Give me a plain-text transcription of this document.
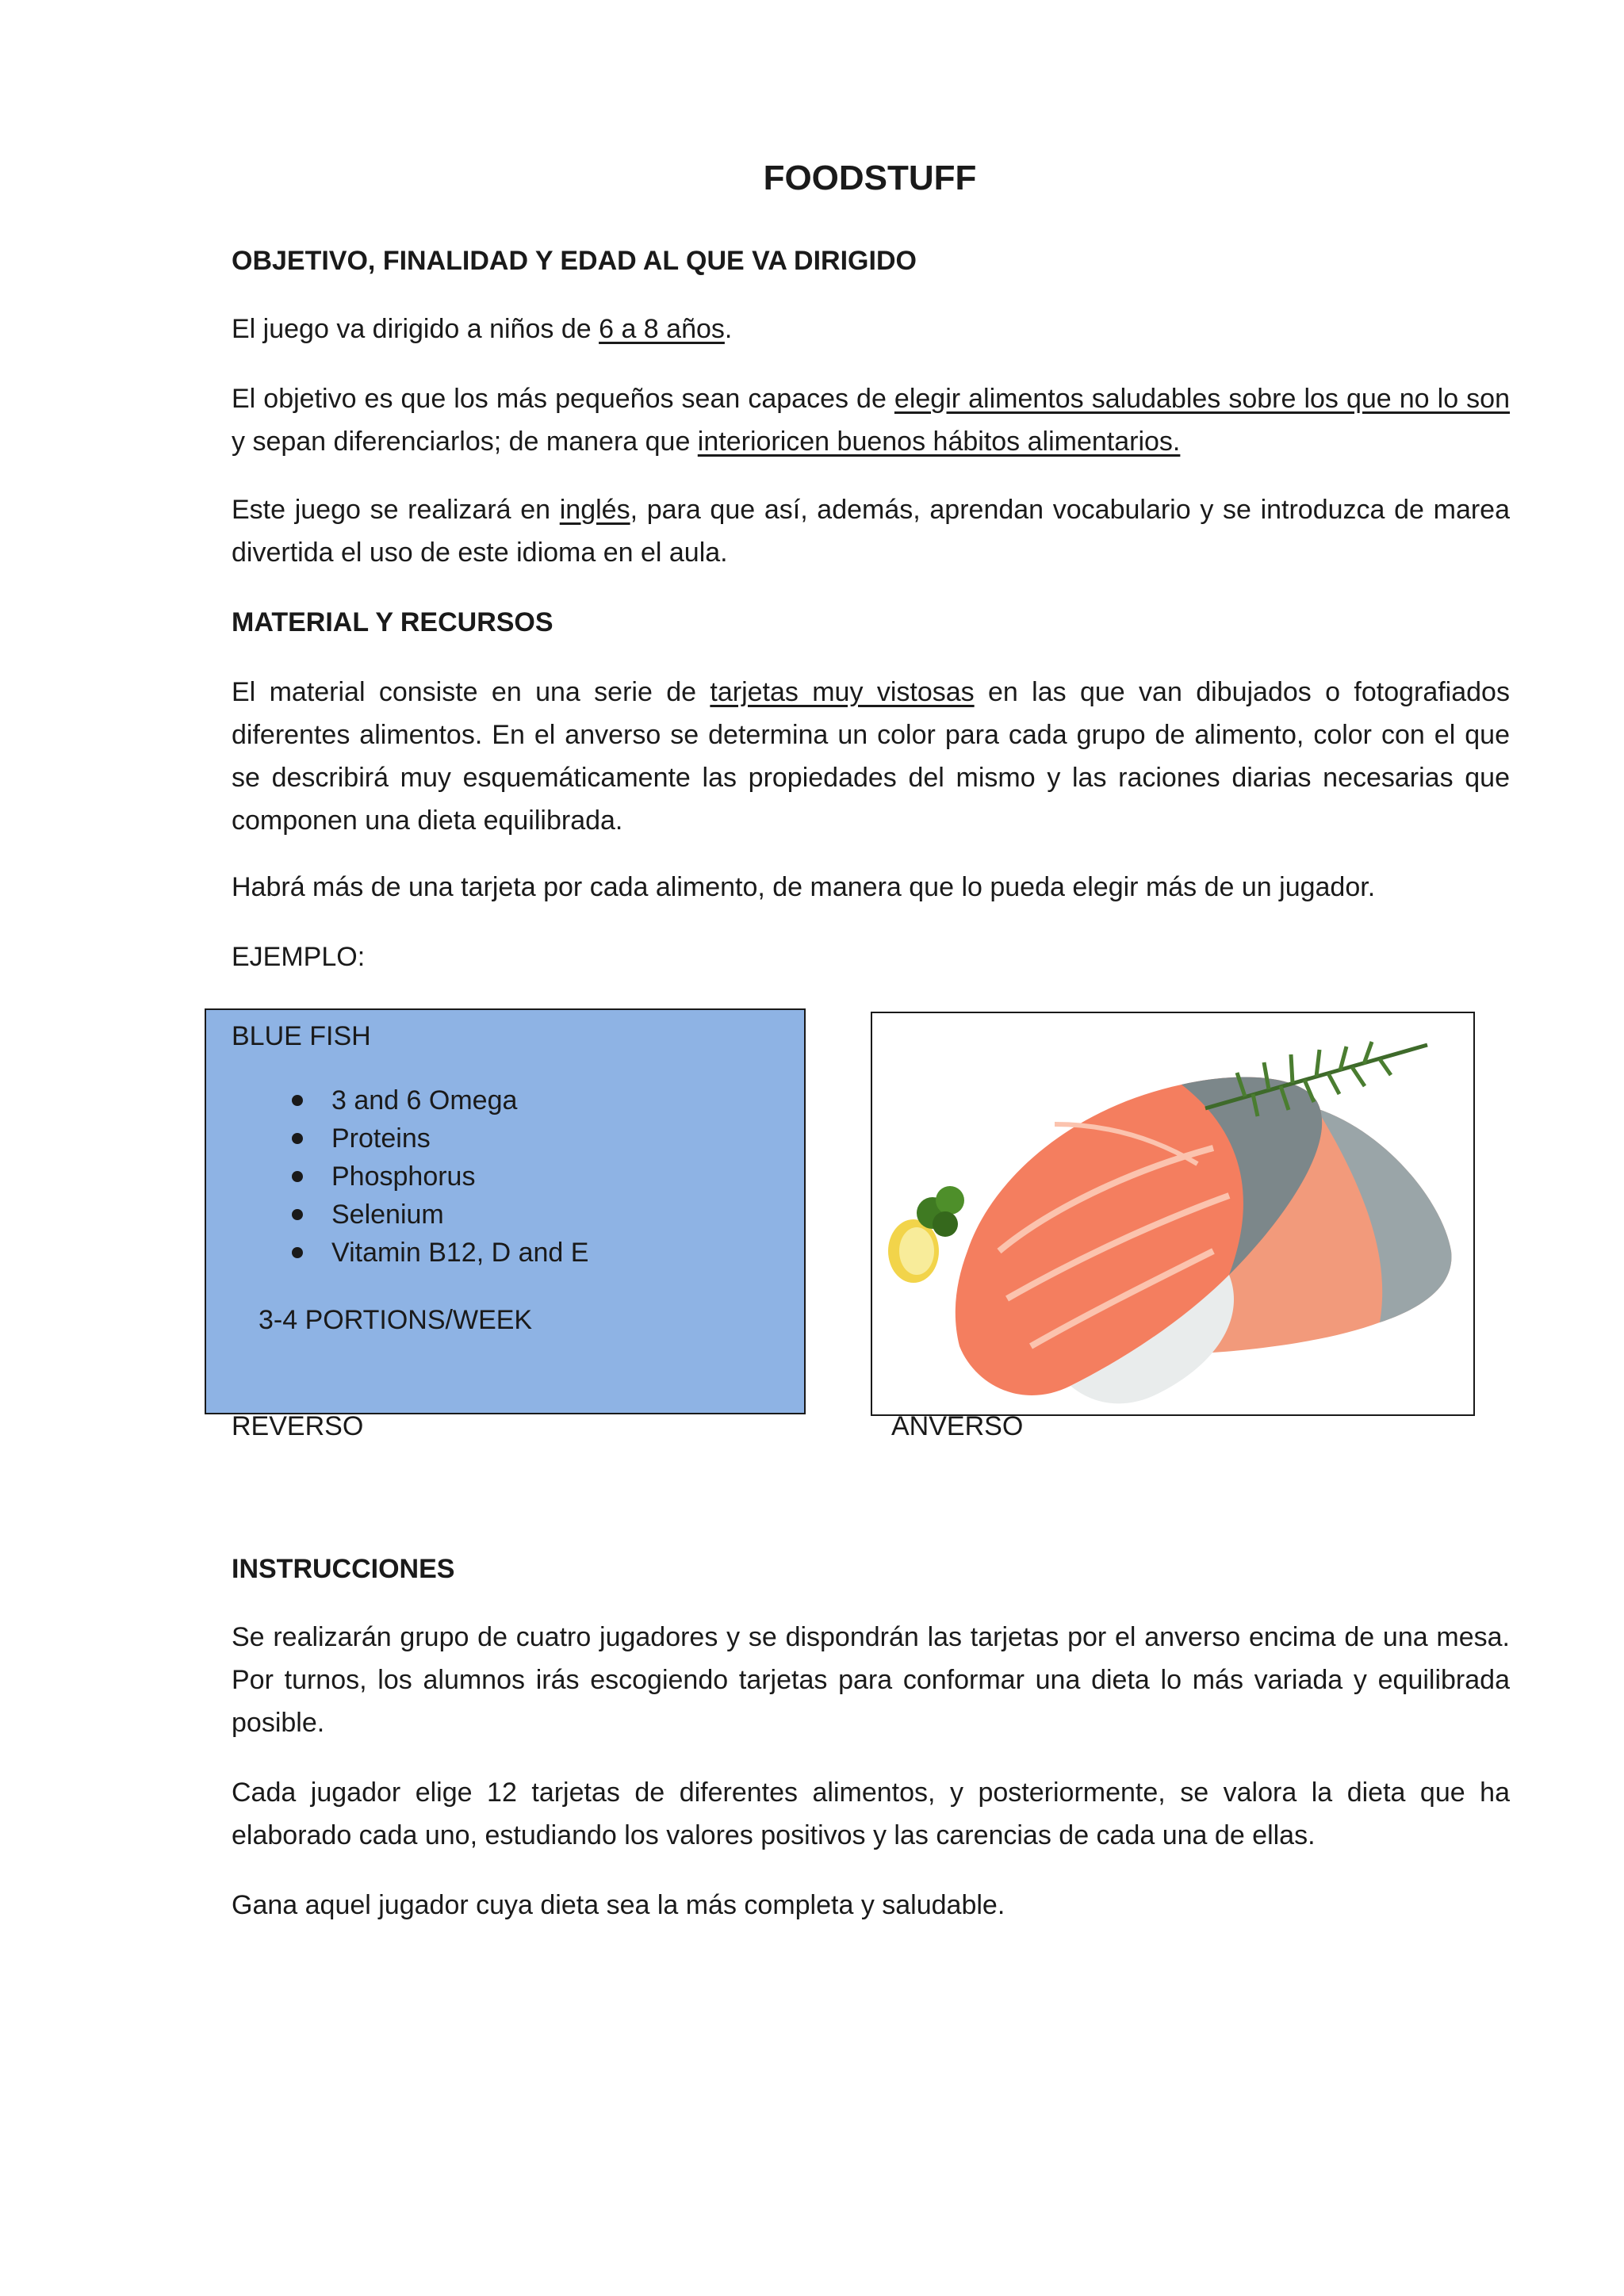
FOODSTUFF
OBJETIVO, FINALIDAD Y EDAD AL QUE VA DIRIGIDO
El juego va dirigido a niños de 6 a 8 años.
El objetivo es que los más pequeños sean capaces de elegir alimentos saludables sobre los que no lo son y sepan diferenciarlos; de manera que interioricen buenos hábitos alimentarios.
Este juego se realizará en inglés, para que así, además, aprendan vocabulario y se introduzca de marea divertida el uso de este idioma en el aula.
MATERIAL Y RECURSOS
El material consiste en una serie de tarjetas muy vistosas en las que van dibujados o fotografiados diferentes alimentos. En el anverso se determina un color para cada grupo de alimento, color con el que se describirá muy esquemáticamente las propiedades del mismo y las raciones diarias necesarias que componen una dieta equilibrada.
Habrá más de una tarjeta por cada alimento, de manera que lo pueda elegir más de un jugador.
EJEMPLO:
BLUE FISH
3 and 6 Omega
Proteins
Phosphorus
Selenium
Vitamin B12, D and E
3-4 PORTIONS/WEEK
REVERSO	ANVERSO
INSTRUCCIONES
Se realizarán grupo de cuatro jugadores y se dispondrán las tarjetas por el anverso encima de una mesa. Por turnos, los alumnos irás escogiendo tarjetas para conformar una dieta lo más variada y equilibrada posible.
Cada jugador elige 12 tarjetas de diferentes alimentos, y posteriormente, se valora la dieta que ha elaborado cada uno, estudiando los valores positivos y las carencias de cada una de ellas.
Gana aquel jugador cuya dieta sea la más completa y saludable.
